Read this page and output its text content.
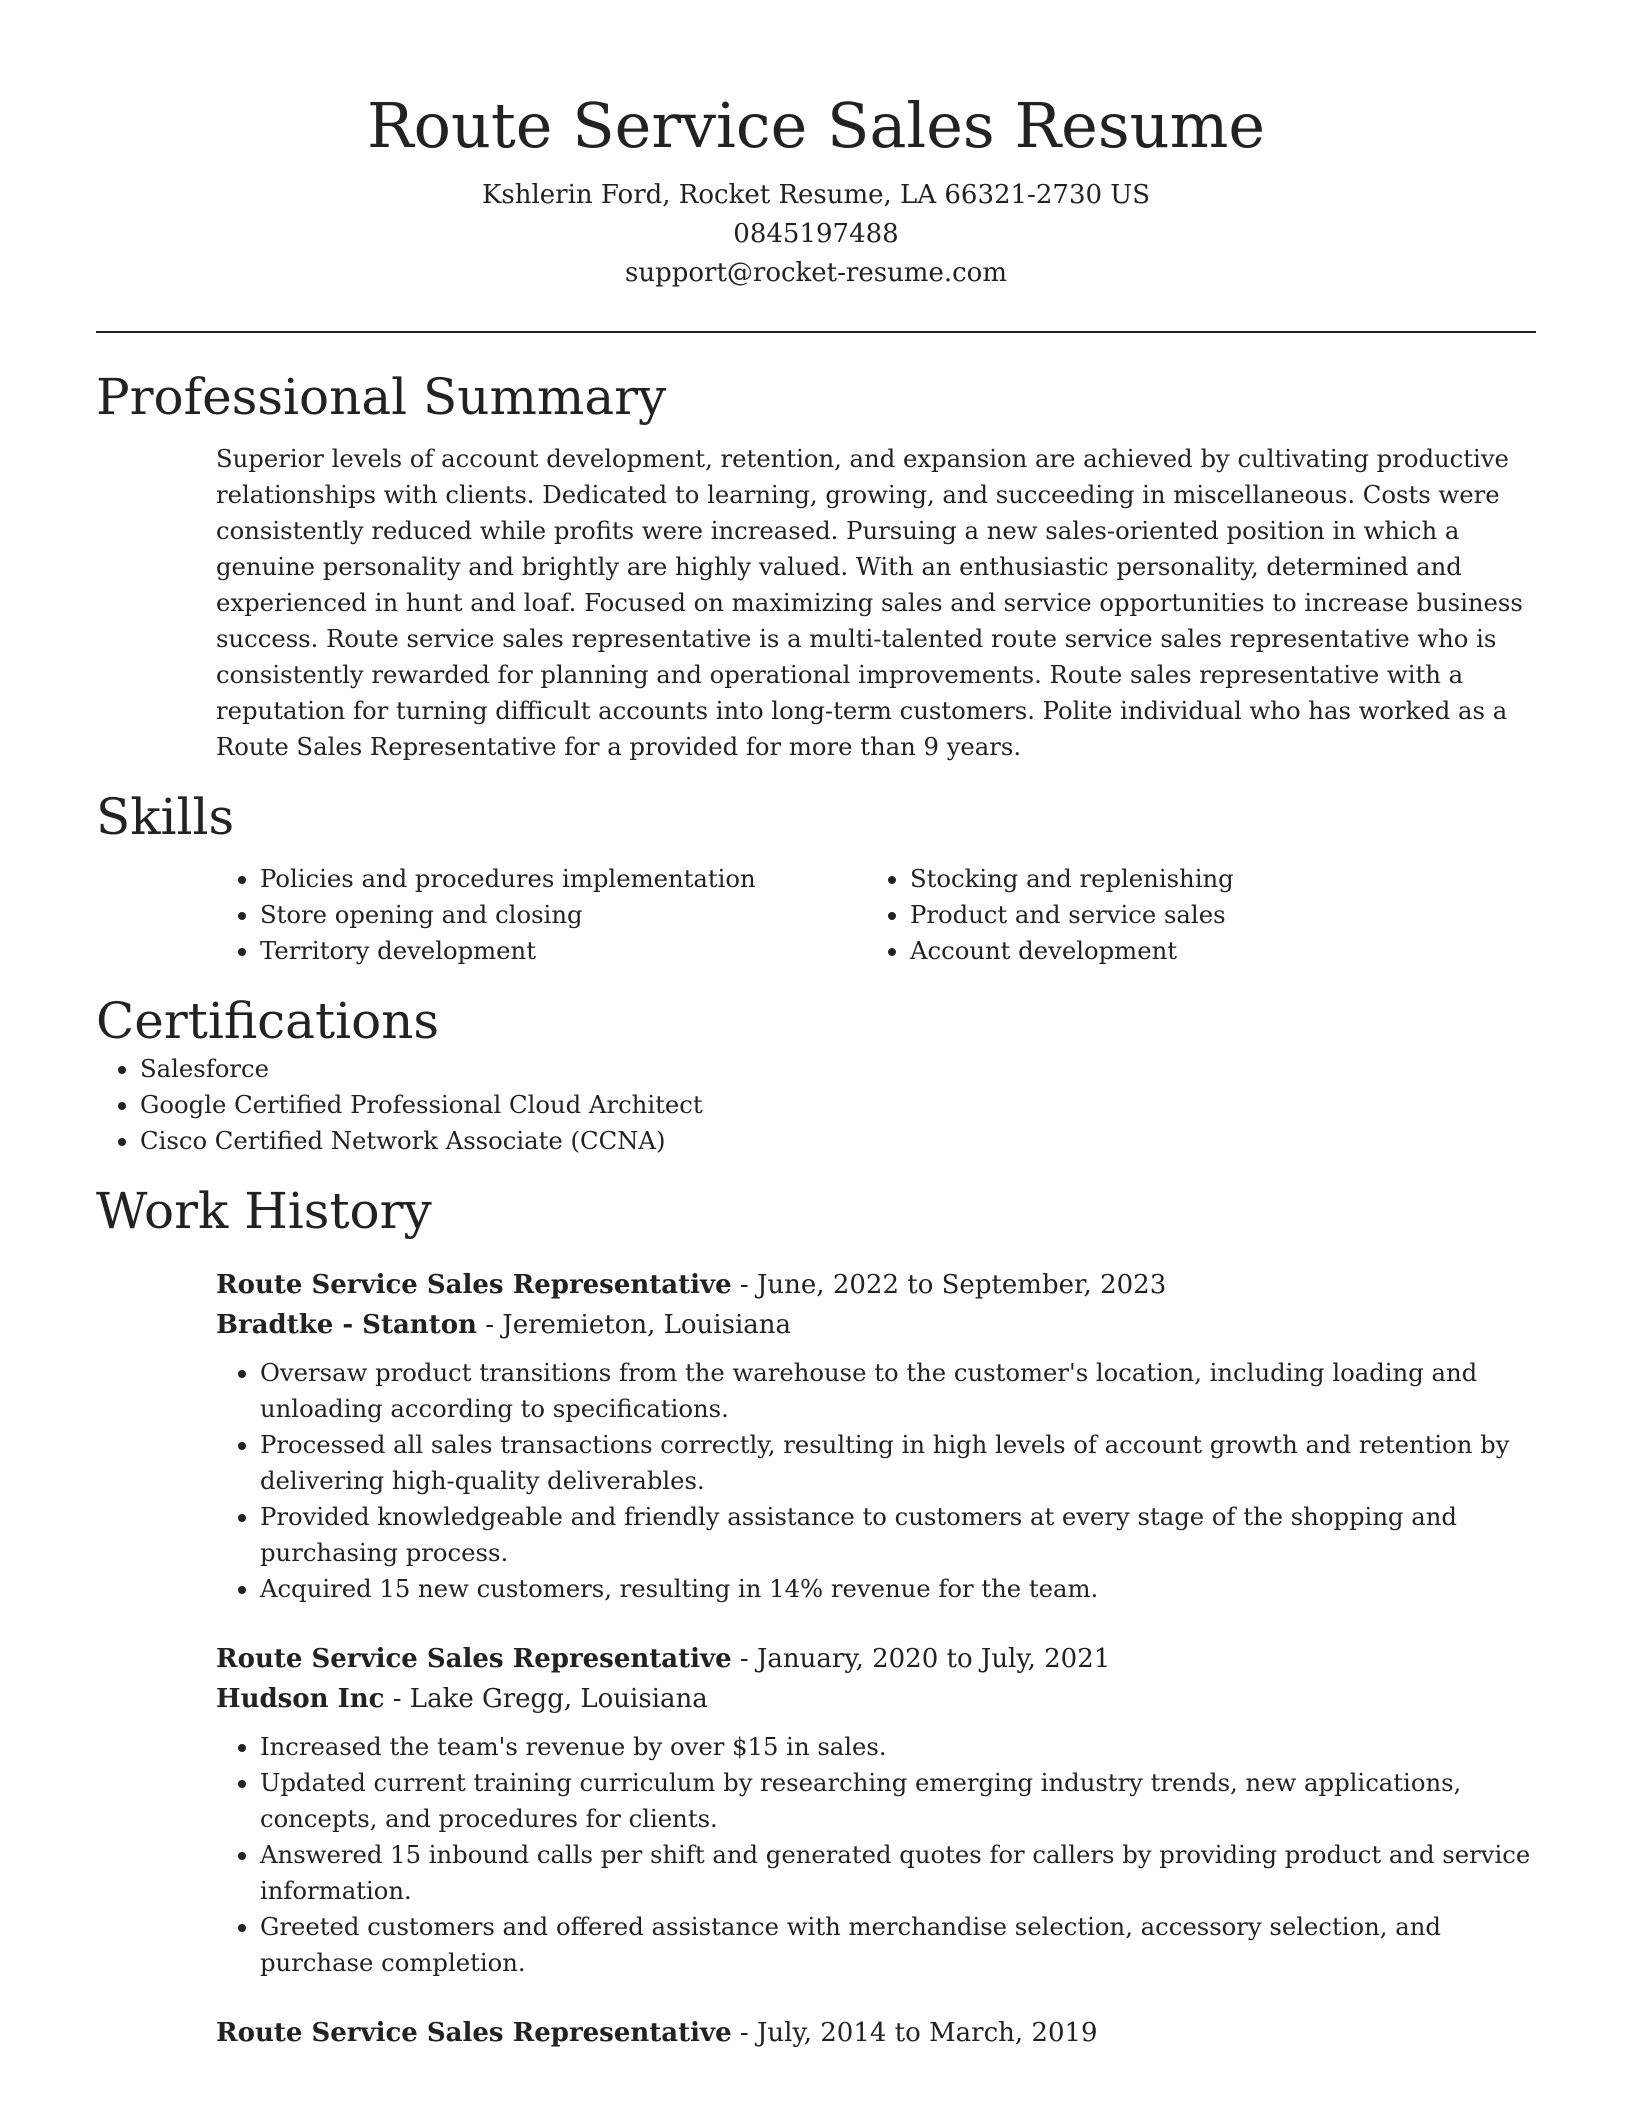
Route Service Sales Resume
Kshlerin Ford, Rocket Resume, LA 66321-2730 US
0845197488
support@rocket-resume.com
Professional Summary
Superior levels of account development, retention, and expansion are achieved by cultivating productive relationships with clients. Dedicated to learning, growing, and succeeding in miscellaneous. Costs were consistently reduced while profits were increased. Pursuing a new sales-oriented position in which a genuine personality and brightly are highly valued. With an enthusiastic personality, determined and experienced in hunt and loaf. Focused on maximizing sales and service opportunities to increase business success. Route service sales representative is a multi-talented route service sales representative who is consistently rewarded for planning and operational improvements. Route sales representative with a reputation for turning difficult accounts into long-term customers. Polite individual who has worked as a Route Sales Representative for a provided for more than 9 years.
Skills
• Policies and procedures implementation
• Store opening and closing
• Territory development
• Stocking and replenishing
• Product and service sales
• Account development
Certifications
• Salesforce
• Google Certified Professional Cloud Architect
• Cisco Certified Network Associate (CCNA)
Work History
Route Service Sales Representative - June, 2022 to September, 2023
Bradtke - Stanton - Jeremieton, Louisiana
• Oversaw product transitions from the warehouse to the customer's location, including loading and unloading according to specifications.
• Processed all sales transactions correctly, resulting in high levels of account growth and retention by delivering high-quality deliverables.
• Provided knowledgeable and friendly assistance to customers at every stage of the shopping and purchasing process.
• Acquired 15 new customers, resulting in 14% revenue for the team.
Route Service Sales Representative - January, 2020 to July, 2021
Hudson Inc - Lake Gregg, Louisiana
• Increased the team's revenue by over $15 in sales.
• Updated current training curriculum by researching emerging industry trends, new applications, concepts, and procedures for clients.
• Answered 15 inbound calls per shift and generated quotes for callers by providing product and service information.
• Greeted customers and offered assistance with merchandise selection, accessory selection, and purchase completion.
Route Service Sales Representative - July, 2014 to March, 2019
